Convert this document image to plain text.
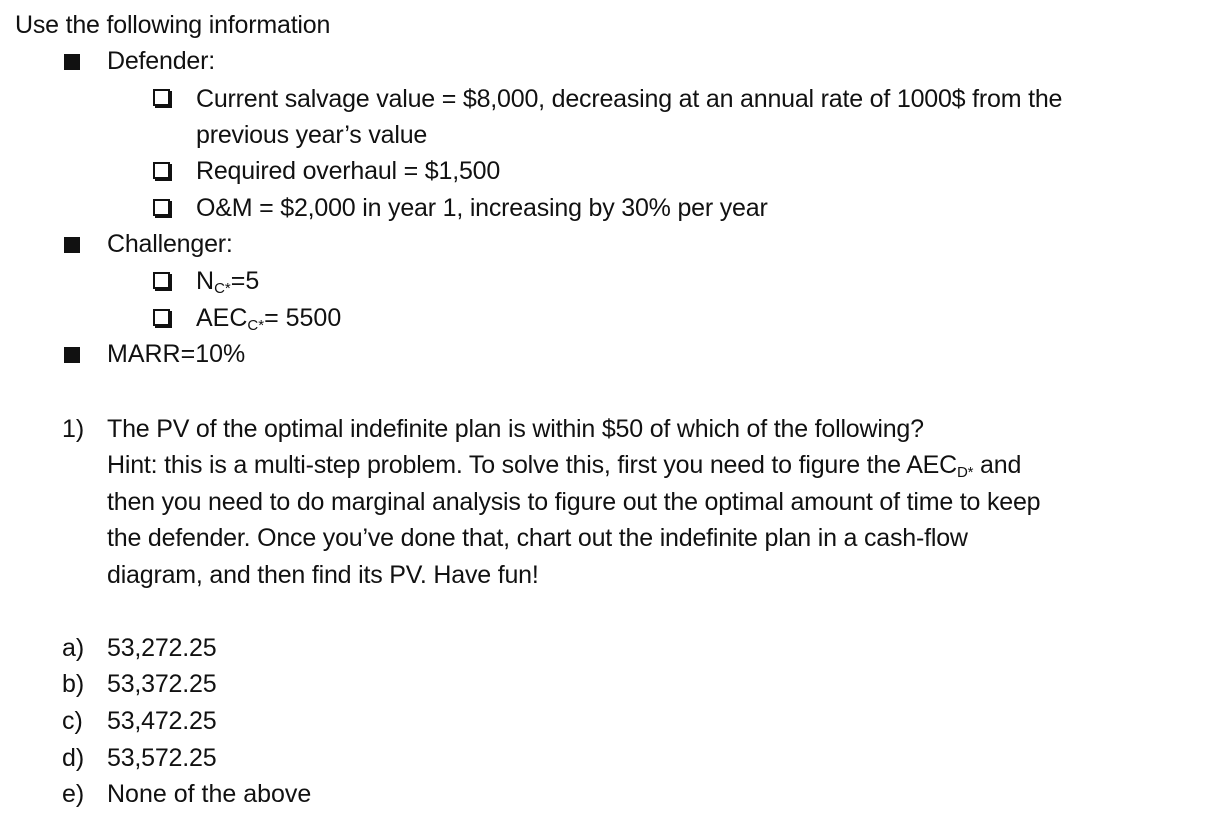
Use the following information
Defender:
Current salvage value = $8,000, decreasing at an annual rate of 1000$ from the
previous year’s value
Required overhaul = $1,500
O&M = $2,000 in year 1, increasing by 30% per year
Challenger:
NC*=5
AECC*= 5500
MARR=10%
1) The PV of the optimal indefinite plan is within $50 of which of the following?
Hint: this is a multi-step problem. To solve this, first you need to figure the AECD* and
then you need to do marginal analysis to figure out the optimal amount of time to keep
the defender. Once you’ve done that, chart out the indefinite plan in a cash-flow
diagram, and then find its PV. Have fun!
a) 53,272.25
b) 53,372.25
c) 53,472.25
d) 53,572.25
e) None of the above
